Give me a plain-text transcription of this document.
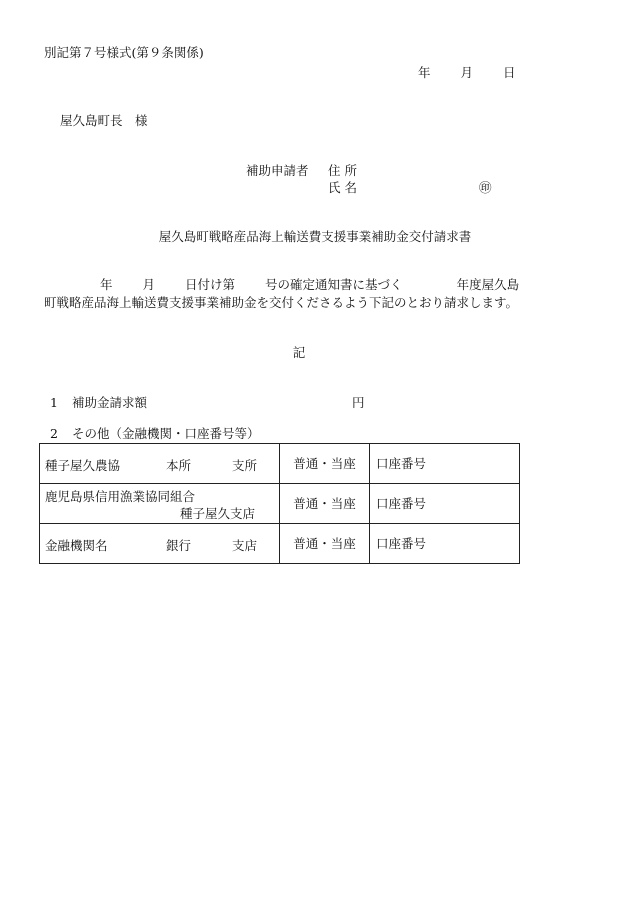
別記第７号様式(第９条関係)
年 月 日
屋久島町長　様
補助申請者 住 所
氏 名	㊞
屋久島町戦略産品海上輸送費支援事業補助金交付請求書
年 月 日付け第 号の確定通知書に基づく	年度屋久島
町戦略産品海上輸送費支援事業補助金を交付くださるよう下記のとおり請求します。
記
1 補助金請求額	円
2 その他（金融機関・口座番号等）
種子屋久農協 本所 支所	普通・当座	口座番号

鹿児島県信用漁業協同組合
種子屋久支店	普通・当座	口座番号

金融機関名 銀行 支店	普通・当座	口座番号
